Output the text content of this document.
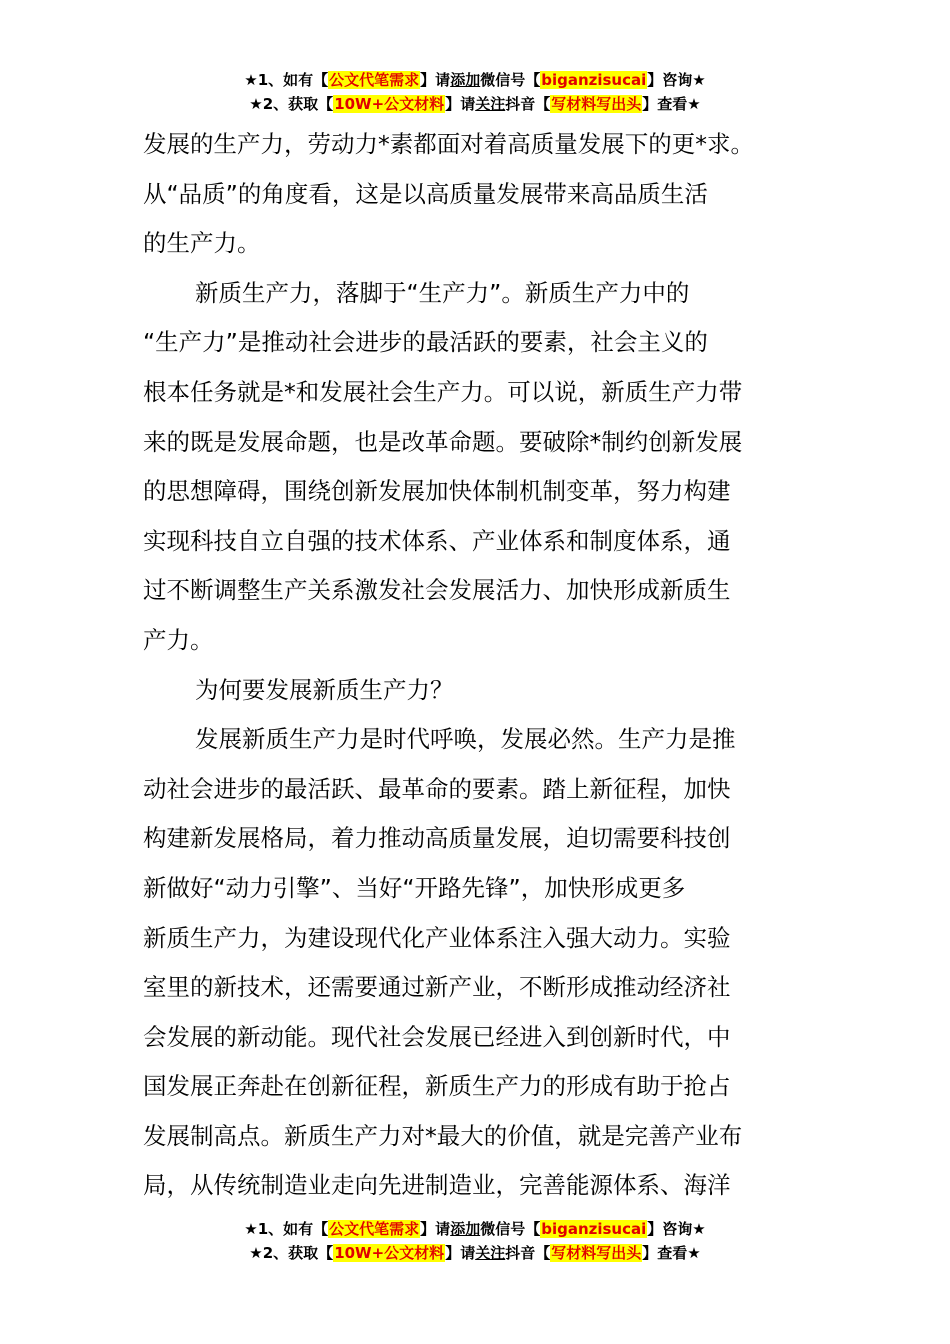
★1、如有【公文代笔需求】请添加微信号【biganzisucai】咨询★
★2、获取【10W+公文材料】请关注抖音【写材料写出头】查看★

发展的生产力，劳动力*素都面对着高质量发展下的更*求。

从“品质”的角度看，这是以高质量发展带来高品质生活

的生产力。

新质生产力，落脚于“生产力”。新质生产力中的

“生产力”是推动社会进步的最活跃的要素，社会主义的

根本任务就是*和发展社会生产力。可以说，新质生产力带

来的既是发展命题，也是改革命题。要破除*制约创新发展

的思想障碍，围绕创新发展加快体制机制变革，努力构建

实现科技自立自强的技术体系、产业体系和制度体系，通

过不断调整生产关系激发社会发展活力、加快形成新质生

产力。

为何要发展新质生产力？

发展新质生产力是时代呼唤，发展必然。生产力是推

动社会进步的最活跃、最革命的要素。踏上新征程，加快

构建新发展格局，着力推动高质量发展，迫切需要科技创

新做好“动力引擎”、当好“开路先锋”，加快形成更多

新质生产力，为建设现代化产业体系注入强大动力。实验

室里的新技术，还需要通过新产业，不断形成推动经济社

会发展的新动能。现代社会发展已经进入到创新时代，中

国发展正奔赴在创新征程，新质生产力的形成有助于抢占

发展制高点。新质生产力对*最大的价值，就是完善产业布

局，从传统制造业走向先进制造业，完善能源体系、海洋

★1、如有【公文代笔需求】请添加微信号【biganzisucai】咨询★
★2、获取【10W+公文材料】请关注抖音【写材料写出头】查看★
